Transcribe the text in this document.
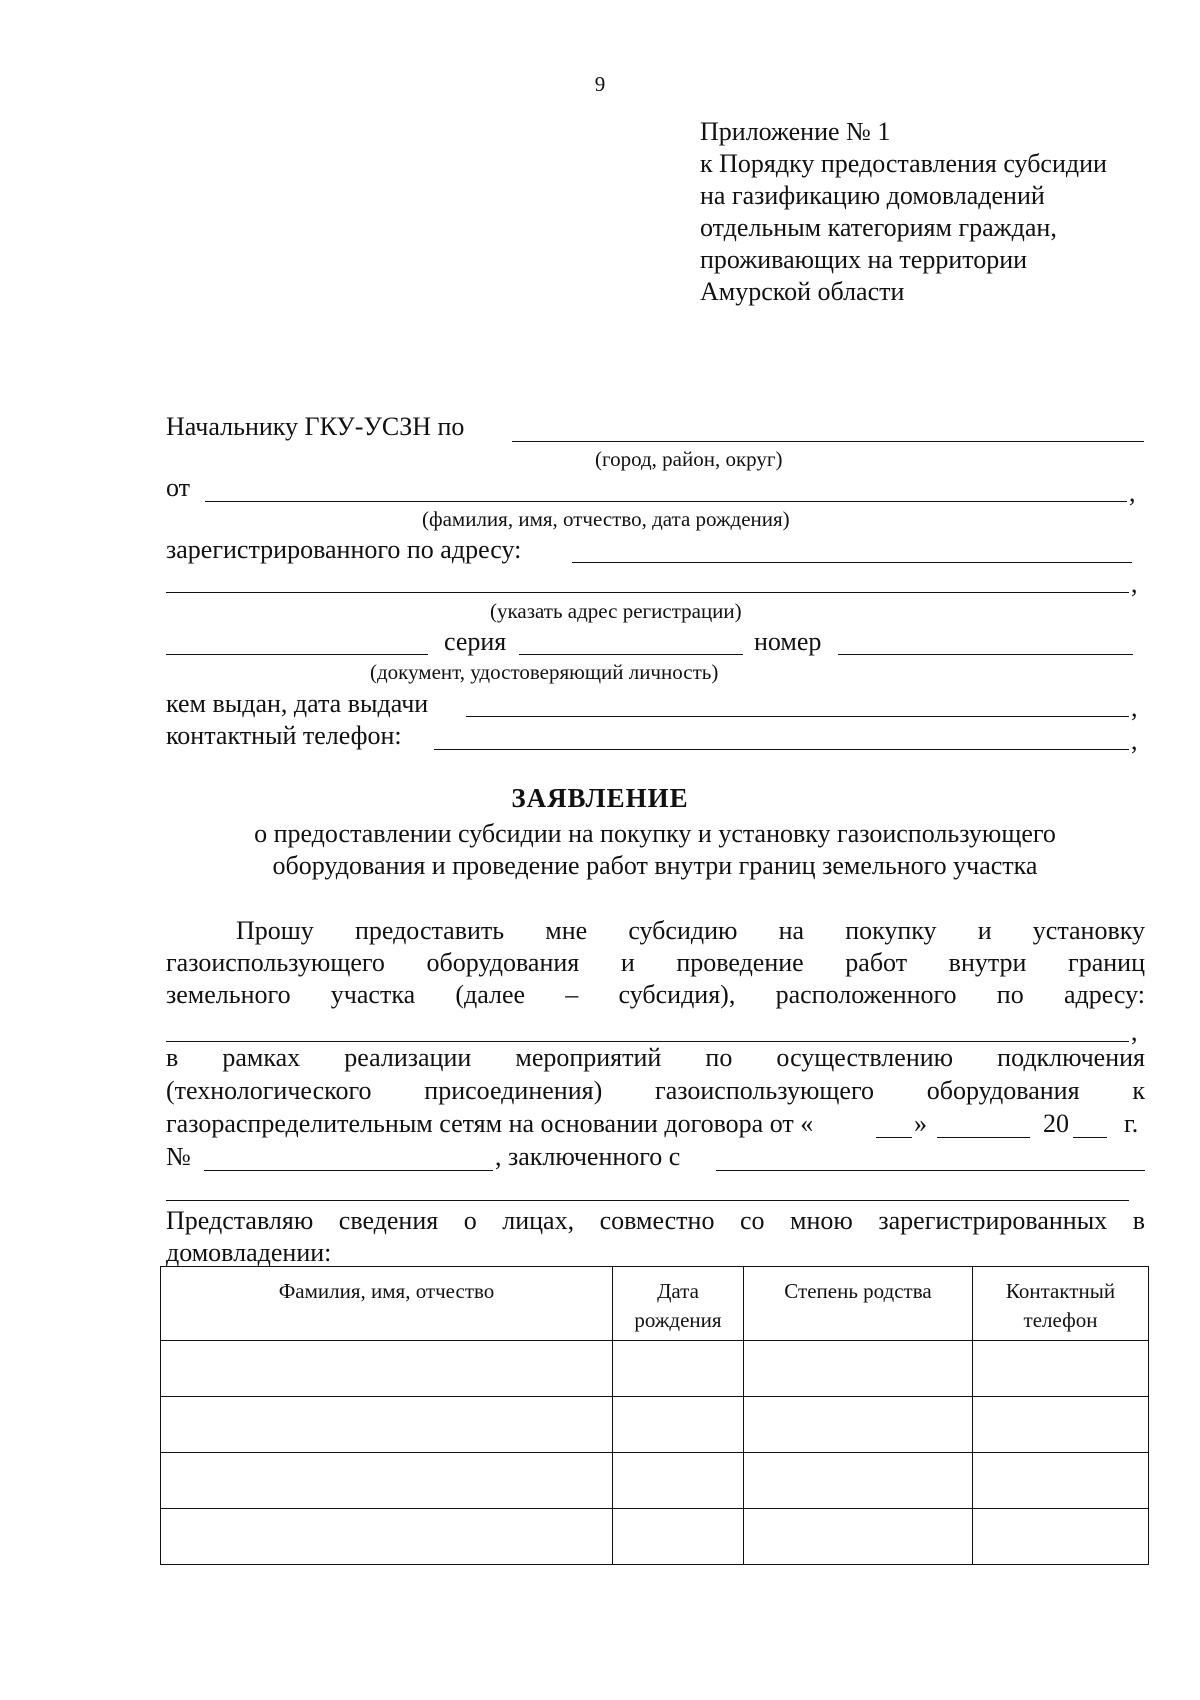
9
Приложение № 1
к Порядку предоставления субсидии
на газификацию домовладений
отдельным категориям граждан,
проживающих на территории
Амурской области
Начальнику ГКУ-УСЗН по
(город, район, округ)
от	,
(фамилия, имя, отчество, дата рождения)
зарегистрированного по адресу:
,
(указать адрес регистрации)
серия	номер
(документ, удостоверяющий личность)
кем выдан, дата выдачи	,
контактный телефон:	,
ЗАЯВЛЕНИЕ
о предоставлении субсидии на покупку и установку газоиспользующего
оборудования и проведение работ внутри границ земельного участка
Прошу предоставить мне субсидию на покупку и установку
газоиспользующего оборудования и проведение работ внутри границ
земельного участка (далее – субсидия), расположенного по адресу:
,
в рамках реализации мероприятий по осуществлению подключения
(технологического присоединения) газоиспользующего оборудования к
газораспределительным сетям на основании договора от «	»	20 г.
№	, заключенного с
Представляю сведения о лицах, совместно со мною зарегистрированных в
домовладении:
Фамилия, имя, отчество	Дата рождения	Степень родства	Контактный телефон
